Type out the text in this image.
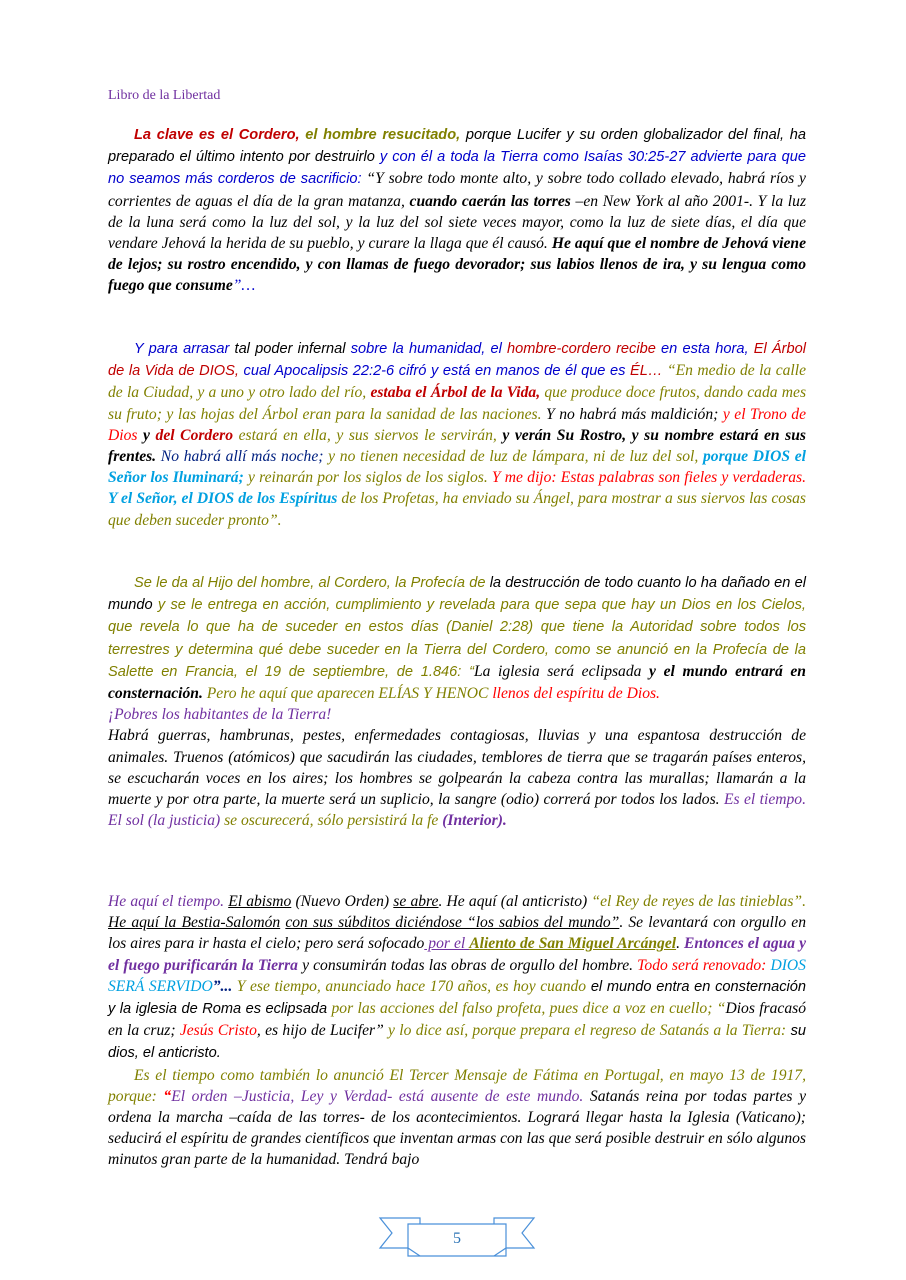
Libro de la Libertad

La clave es el Cordero, el hombre resucitado, porque Lucifer y su orden globalizador del final, ha preparado el último intento por destruirlo y con él a toda la Tierra como Isaías 30:25-27 advierte para que no seamos más corderos de sacrificio: “Y sobre todo monte alto, y sobre todo collado elevado, habrá ríos y corrientes de aguas el día de la gran matanza, cuando caerán las torres –en New York al año 2001-. Y la luz de la luna será como la luz del sol, y la luz del sol siete veces mayor, como la luz de siete días, el día que vendare Jehová la herida de su pueblo, y curare la llaga que él causó. He aquí que el nombre de Jehová viene de lejos; su rostro encendido, y con llamas de fuego devorador; sus labios llenos de ira, y su lengua como fuego que consume”…

Y para arrasar tal poder infernal sobre la humanidad, el hombre-cordero recibe en esta hora, El Árbol de la Vida de DIOS, cual Apocalipsis 22:2-6 cifró y está en manos de él que es ÉL… “En medio de la calle de la Ciudad, y a uno y otro lado del río, estaba el Árbol de la Vida, que produce doce frutos, dando cada mes su fruto; y las hojas del Árbol eran para la sanidad de las naciones. Y no habrá más maldición; y el Trono de Dios y del Cordero estará en ella, y sus siervos le servirán, y verán Su Rostro, y su nombre estará en sus frentes. No habrá allí más noche; y no tienen necesidad de luz de lámpara, ni de luz del sol, porque DIOS el Señor los Iluminará; y reinarán por los siglos de los siglos. Y me dijo: Estas palabras son fieles y verdaderas. Y el Señor, el DIOS de los Espíritus de los Profetas, ha enviado su Ángel, para mostrar a sus siervos las cosas que deben suceder pronto”.

Se le da al Hijo del hombre, al Cordero, la Profecía de la destrucción de todo cuanto lo ha dañado en el mundo y se le entrega en acción, cumplimiento y revelada para que sepa que hay un Dios en los Cielos, que revela lo que ha de suceder en estos días (Daniel 2:28) que tiene la Autoridad sobre todos los terrestres y determina qué debe suceder en la Tierra del Cordero, como se anunció en la Profecía de la Salette en Francia, el 19 de septiembre, de 1.846: “La iglesia será eclipsada y el mundo entrará en consternación. Pero he aquí que aparecen ELÍAS Y HENOC llenos del espíritu de Dios.

¡Pobres los habitantes de la Tierra!

Habrá guerras, hambrunas, pestes, enfermedades contagiosas, lluvias y una espantosa destrucción de animales. Truenos (atómicos) que sacudirán las ciudades, temblores de tierra que se tragarán países enteros, se escucharán voces en los aires; los hombres se golpearán la cabeza contra las murallas; llamarán a la muerte y por otra parte, la muerte será un suplicio, la sangre (odio) correrá por todos los lados. Es el tiempo. El sol (la justicia) se oscurecerá, sólo persistirá la fe (Interior).

He aquí el tiempo. El abismo (Nuevo Orden) se abre. He aquí (al anticristo) “el Rey de reyes de las tinieblas”. He aquí la Bestia-Salomón con sus súbditos diciéndose “los sabios del mundo”. Se levantará con orgullo en los aires para ir hasta el cielo; pero será sofocado por el Aliento de San Miguel Arcángel. Entonces el agua y el fuego purificarán la Tierra y consumirán todas las obras de orgullo del hombre. Todo será renovado: DIOS SERÁ SERVIDO”... Y ese tiempo, anunciado hace 170 años, es hoy cuando el mundo entra en consternación y la iglesia de Roma es eclipsada por las acciones del falso profeta, pues dice a voz en cuello; “Dios fracasó en la cruz; Jesús Cristo, es hijo de Lucifer” y lo dice así, porque prepara el regreso de Satanás a la Tierra: su dios, el anticristo.

Es el tiempo como también lo anunció El Tercer Mensaje de Fátima en Portugal, en mayo 13 de 1917, porque: “El orden –Justicia, Ley y Verdad- está ausente de este mundo. Satanás reina por todas partes y ordena la marcha –caída de las torres- de los acontecimientos. Logrará llegar hasta la Iglesia (Vaticano); seducirá el espíritu de grandes científicos que inventan armas con las que será posible destruir en sólo algunos minutos gran parte de la humanidad. Tendrá bajo

5
